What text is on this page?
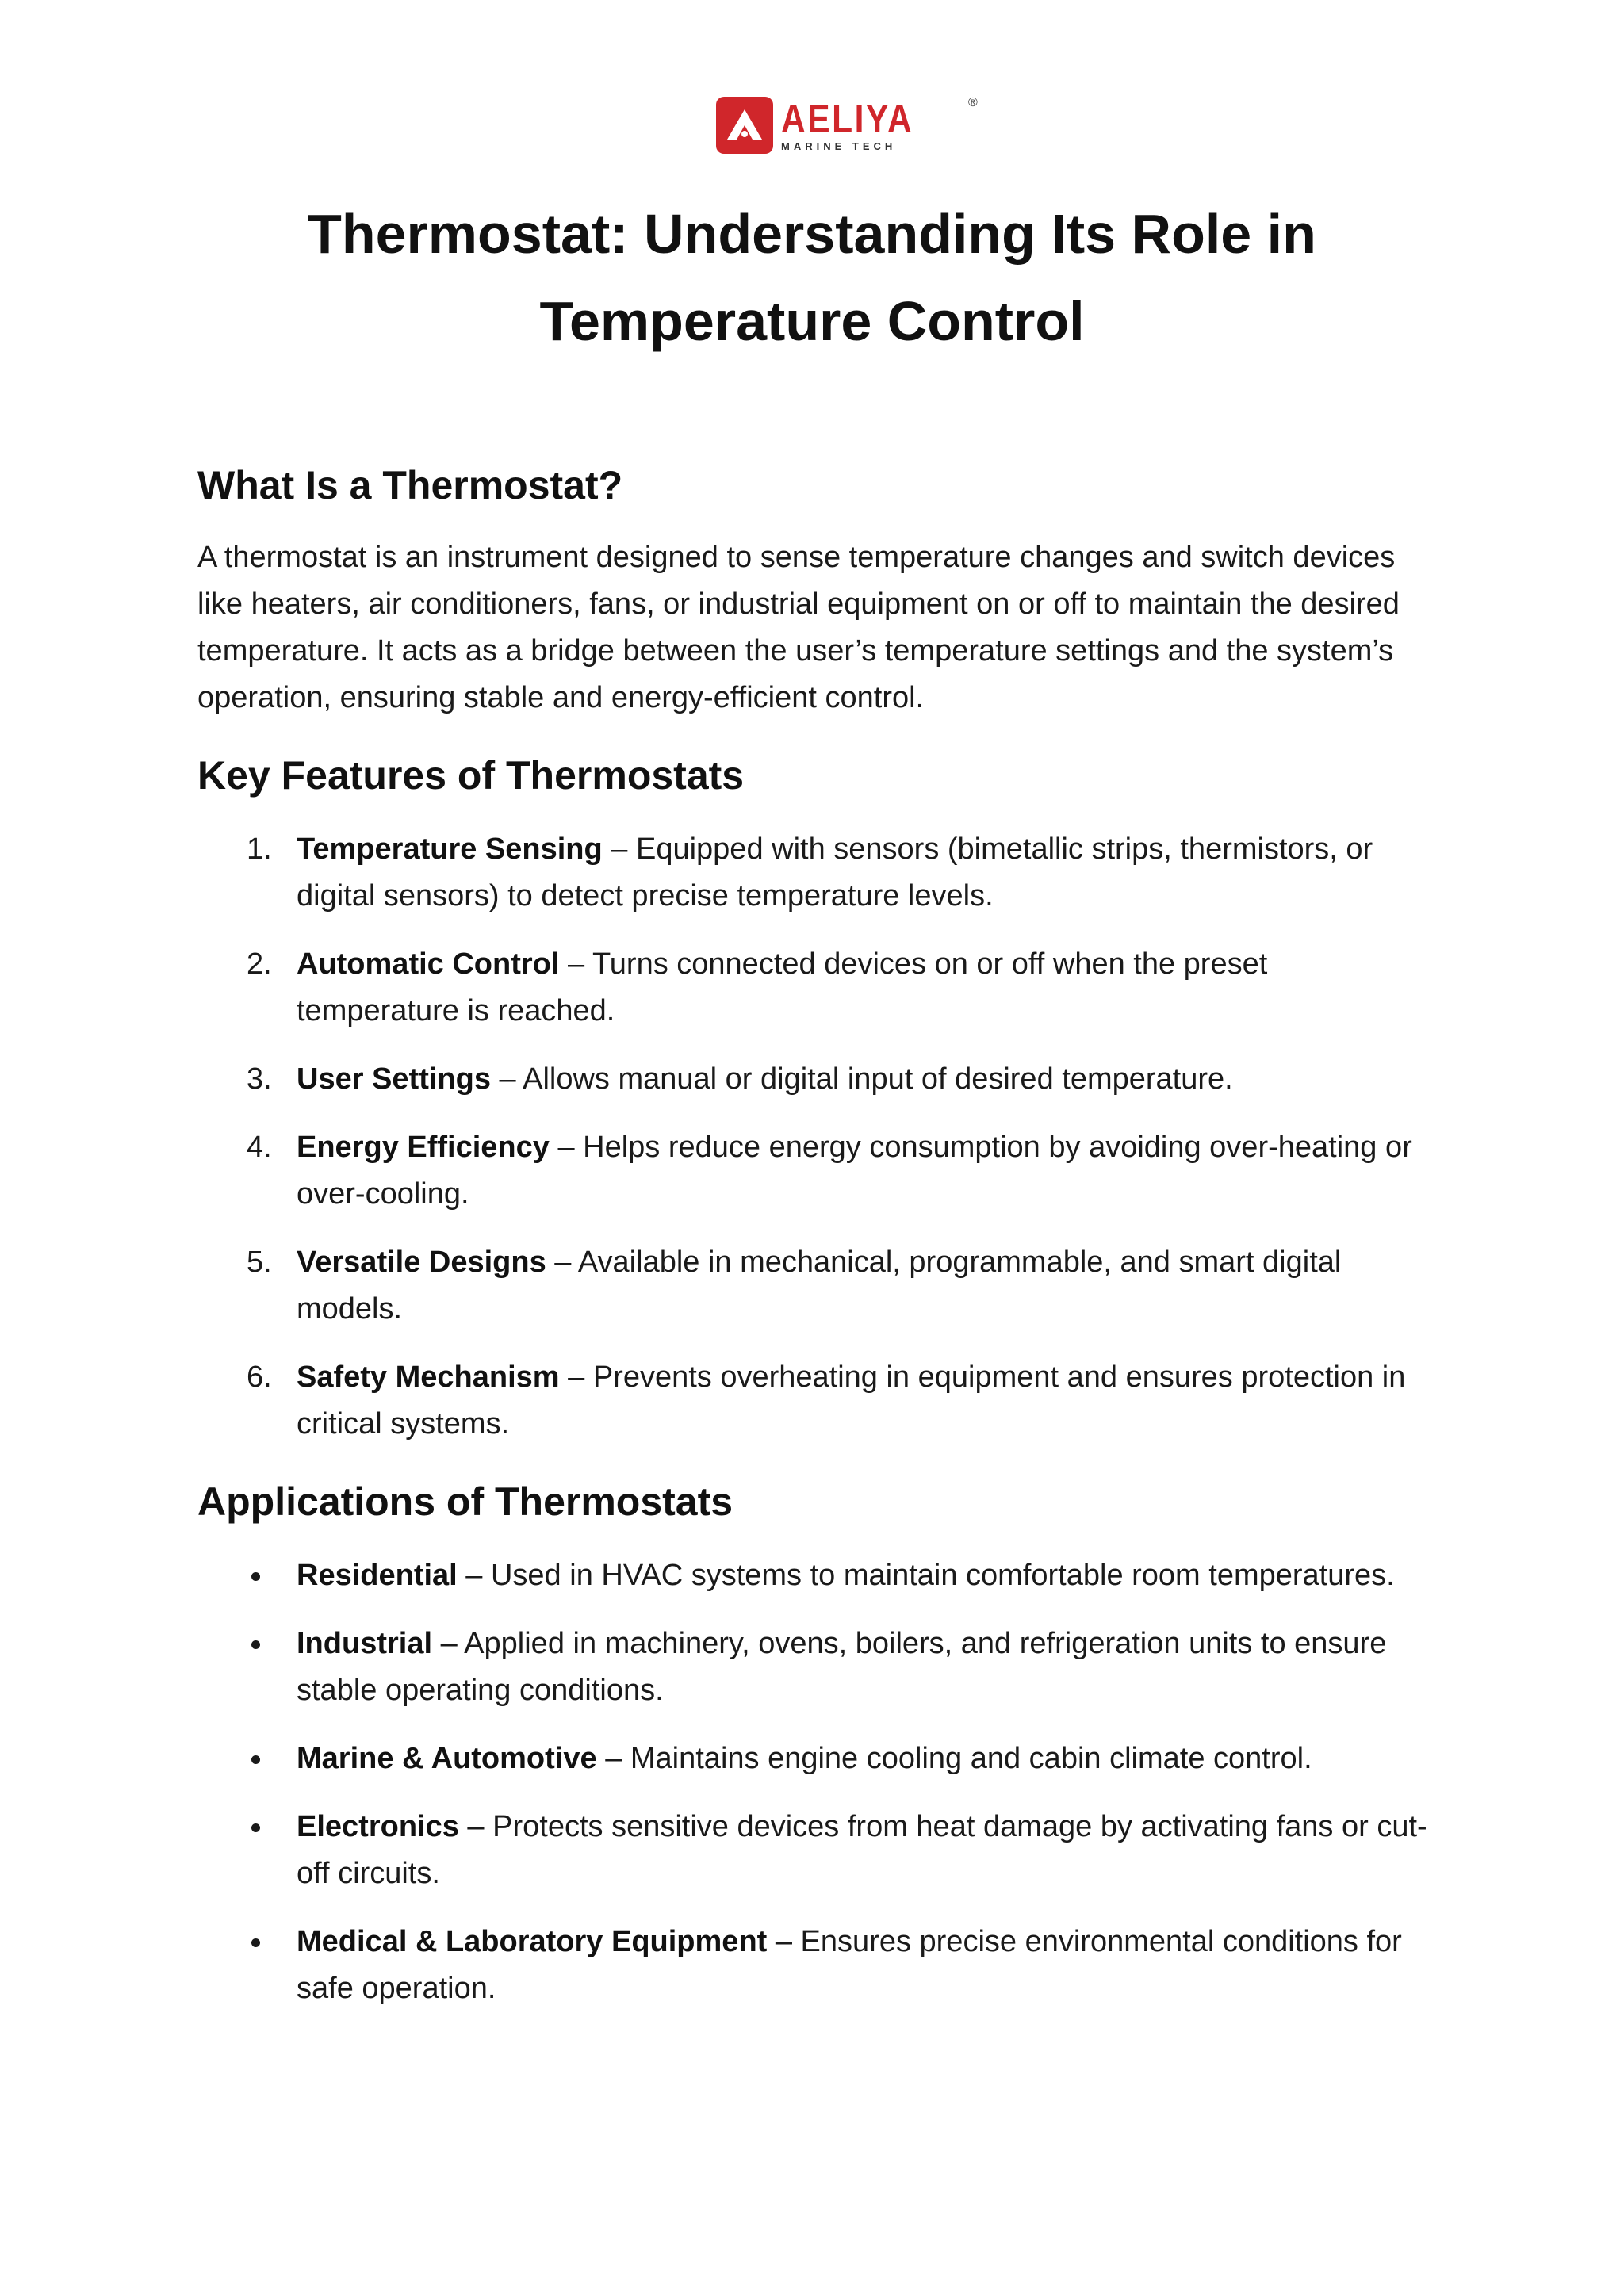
AELIYA	®
MARINE TECH
Thermostat: Understanding Its Role in Temperature Control
What Is a Thermostat?

A thermostat is an instrument designed to sense temperature changes and switch devices like heaters, air conditioners, fans, or industrial equipment on or off to maintain the desired temperature. It acts as a bridge between the user’s temperature settings and the system’s operation, ensuring stable and energy-efficient control.

Key Features of Thermostats
1. Temperature Sensing – Equipped with sensors (bimetallic strips, thermistors, or digital sensors) to detect precise temperature levels.
2. Automatic Control – Turns connected devices on or off when the preset temperature is reached.
3. User Settings – Allows manual or digital input of desired temperature.
4. Energy Efficiency – Helps reduce energy consumption by avoiding over-heating or over-cooling.
5. Versatile Designs – Available in mechanical, programmable, and smart digital models.
6. Safety Mechanism – Prevents overheating in equipment and ensures protection in critical systems.
Applications of Thermostats
Residential – Used in HVAC systems to maintain comfortable room temperatures.
Industrial – Applied in machinery, ovens, boilers, and refrigeration units to ensure stable operating conditions.
Marine & Automotive – Maintains engine cooling and cabin climate control.
Electronics – Protects sensitive devices from heat damage by activating fans or cut-off circuits.
Medical & Laboratory Equipment – Ensures precise environmental conditions for safe operation.
